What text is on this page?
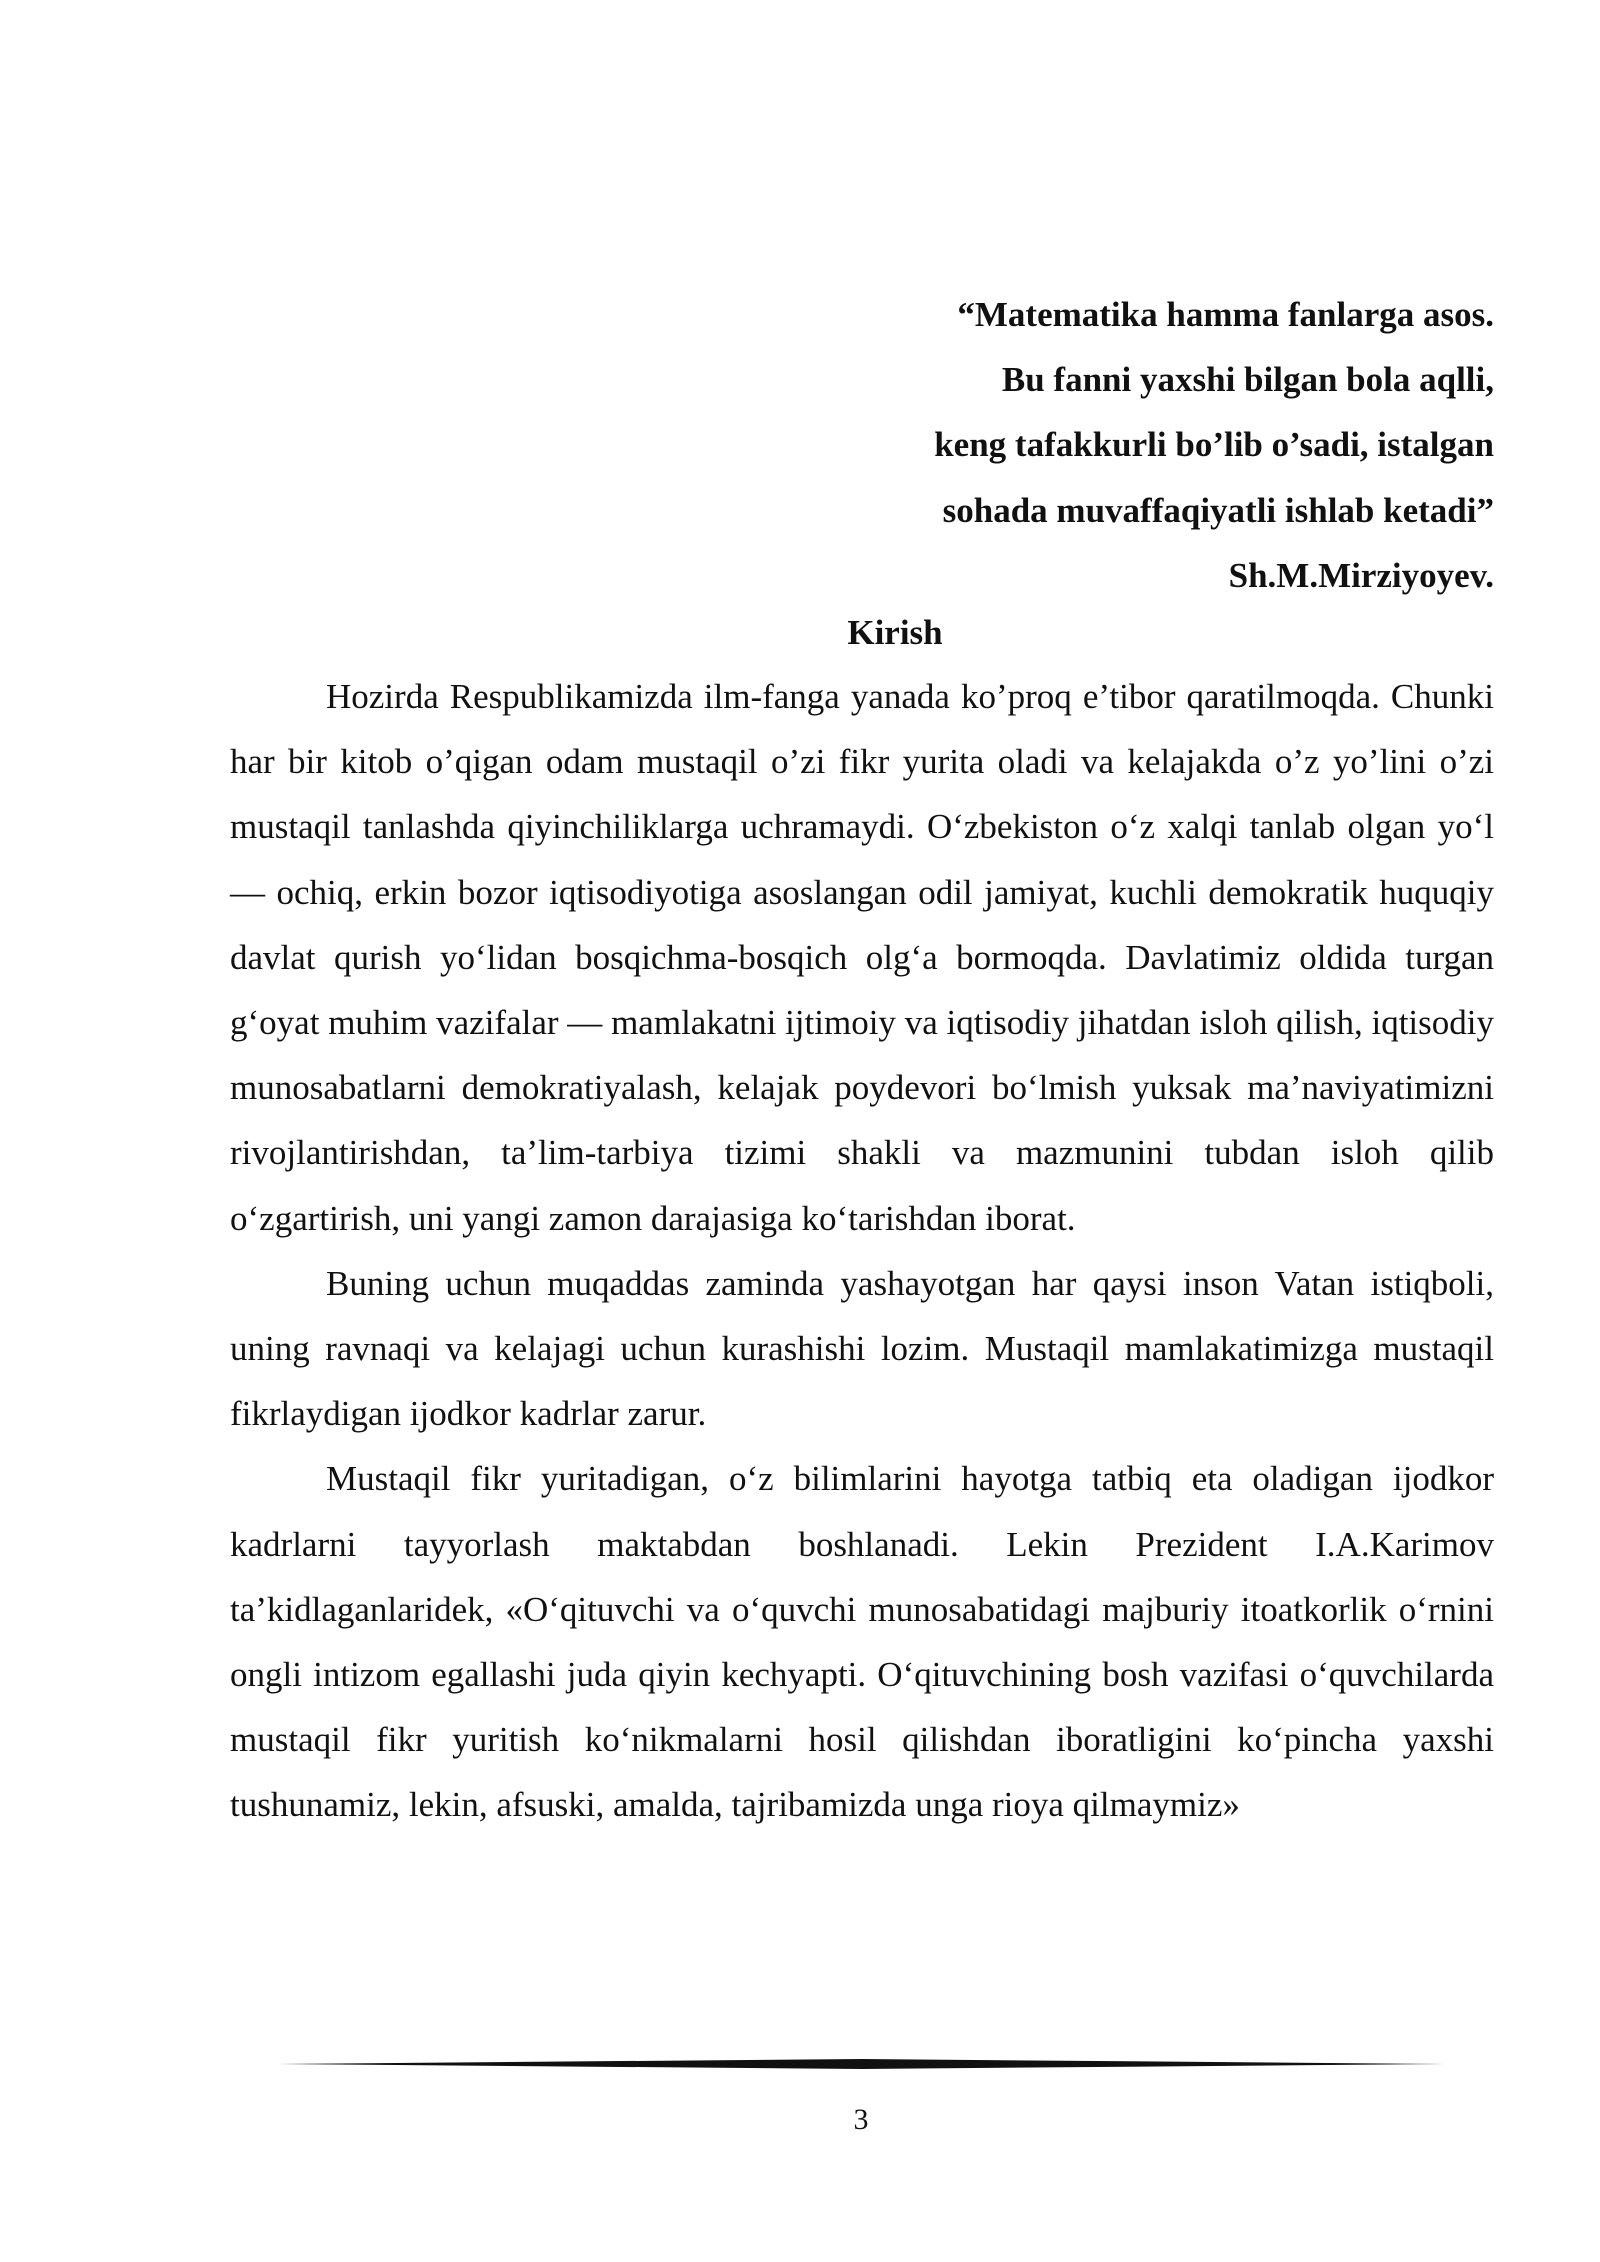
“Matematika hamma fanlarga asos.
Bu fanni yaxshi bilgan bola aqlli,
keng tafakkurli bo’lib o’sadi, istalgan
sohada muvaffaqiyatli ishlab ketadi”
Sh.M.Mirziyoyev.
Kirish

Hozirda Respublikamizda ilm-fanga yanada ko’proq e’tibor qaratilmoqda. Chunki har bir kitob o’qigan odam mustaqil o’zi fikr yurita oladi va kelajakda o’z yo’lini o’zi mustaqil tanlashda qiyinchiliklarga uchramaydi. O‘zbekiston o‘z xalqi tanlab olgan yo‘l — ochiq, erkin bozor iqtisodiyotiga asoslangan odil jamiyat, kuchli demokratik huquqiy davlat qurish yo‘lidan bosqichma-bosqich olg‘a bormoqda. Davlatimiz oldida turgan g‘oyat muhim vazifalar — mamlakatni ijtimoiy va iqtisodiy jihatdan isloh qilish, iqtisodiy munosabatlarni demokratiyalash, kelajak poydevori bo‘lmish yuksak ma’naviyatimizni rivojlantirishdan, ta’lim-tarbiya tizimi shakli va mazmunini tubdan isloh qilib o‘zgartirish, uni yangi zamon darajasiga ko‘tarishdan iborat.

Buning uchun muqaddas zaminda yashayotgan har qaysi inson Vatan istiqboli, uning ravnaqi va kelajagi uchun kurashishi lozim. Mustaqil mamlakatimizga mustaqil fikrlaydigan ijodkor kadrlar zarur.

Mustaqil fikr yuritadigan, o‘z bilimlarini hayotga tatbiq eta oladigan ijodkor kadrlarni tayyorlash maktabdan boshlanadi. Lekin Prezident I.A.Karimov ta’kidlaganlaridek, «O‘qituvchi va o‘quvchi munosabatidagi majburiy itoatkorlik o‘rnini ongli intizom egallashi juda qiyin kechyapti. O‘qituvchining bosh vazifasi o‘quvchilarda mustaqil fikr yuritish ko‘nikmalarni hosil qilishdan iboratligini ko‘pincha yaxshi tushunamiz, lekin, afsuski, amalda, tajribamizda unga rioya qilmaymiz»

3
